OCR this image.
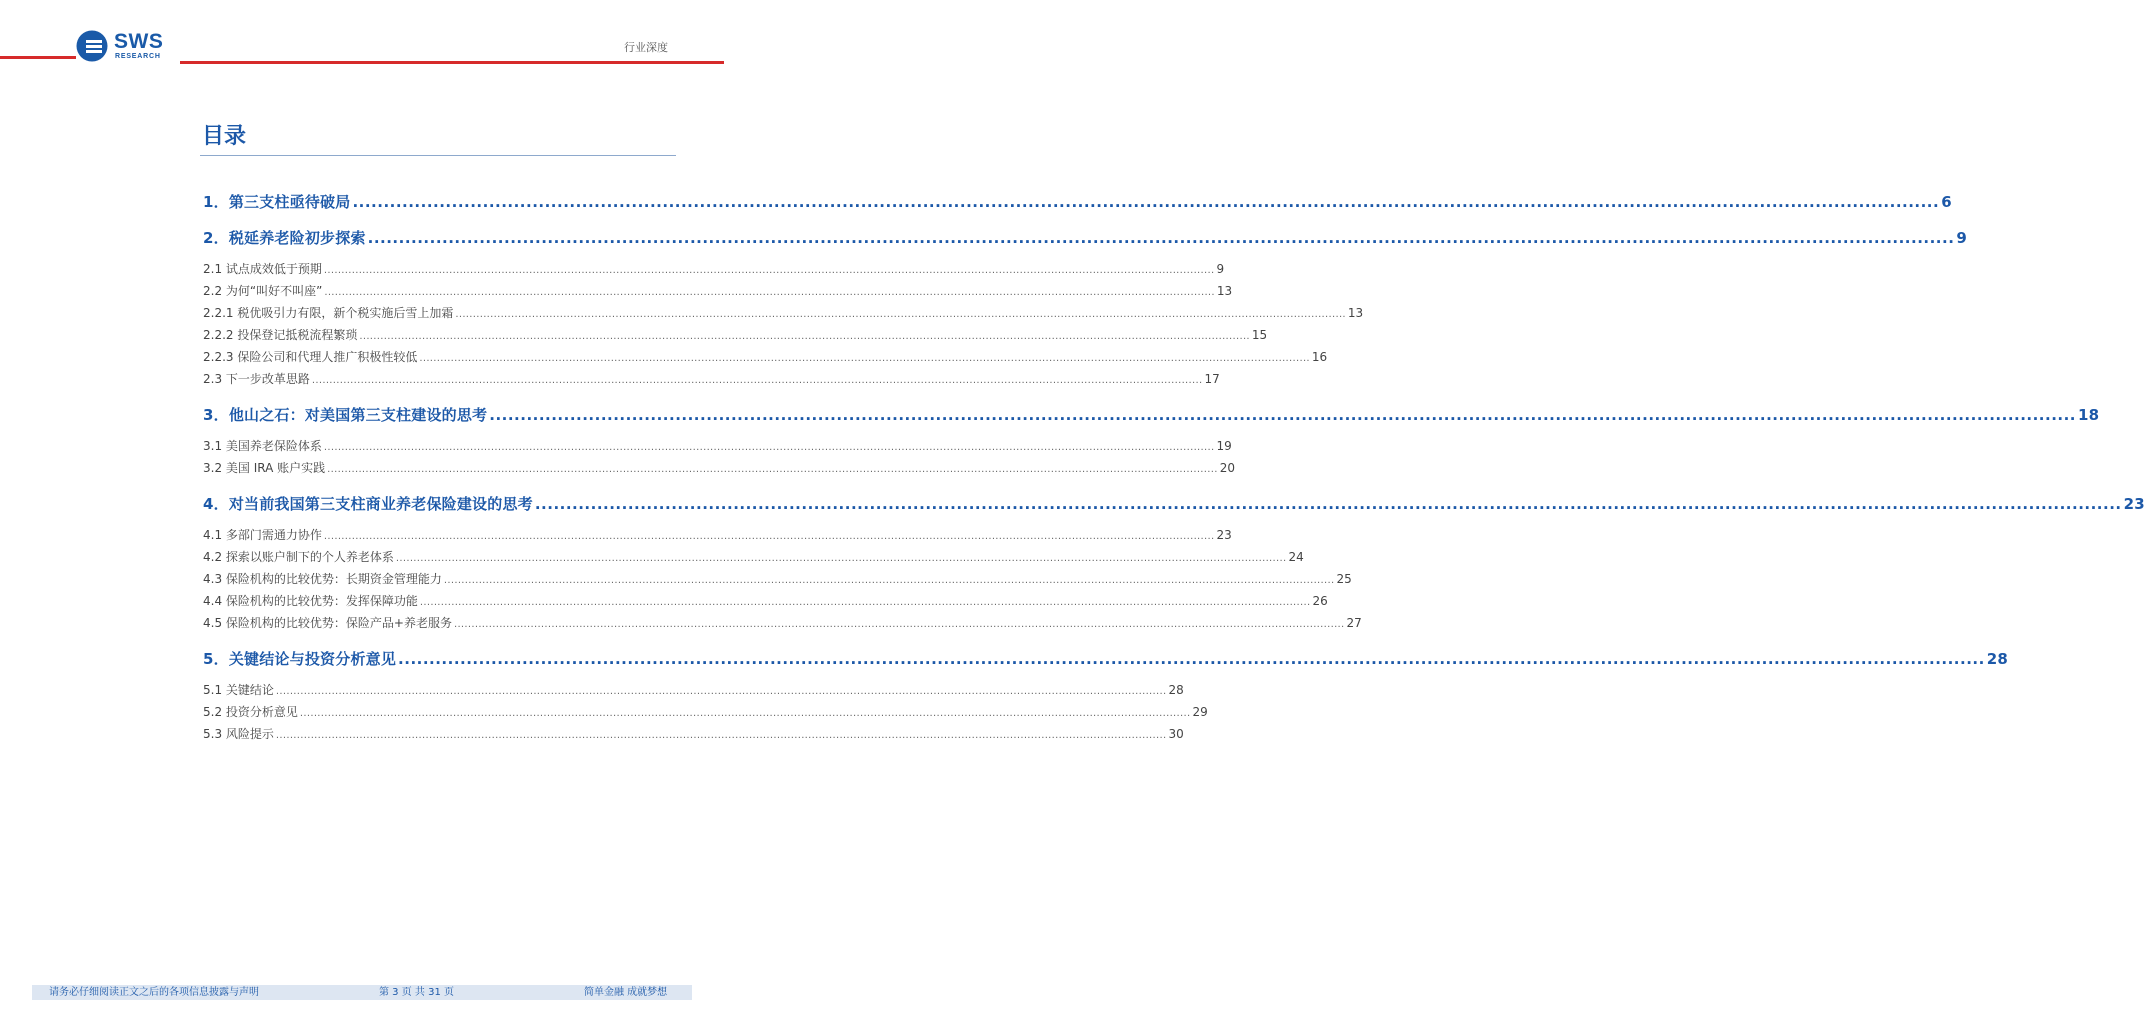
SWS
RESEARCH
行业深度
目录
1．第三支柱亟待破局 ................................................................................................................................................................................................................................................................ 6
2．税延养老险初步探索 ................................................................................................................................................................................................................................................................ 9
2.1 试点成效低于预期 ................................................................................................................................................................................................................................................................ 9
2.2 为何“叫好不叫座” ................................................................................................................................................................................................................................................................ 13
2.2.1 税优吸引力有限，新个税实施后雪上加霜 ................................................................................................................................................................................................................................................................ 13
2.2.2 投保登记抵税流程繁琐 ................................................................................................................................................................................................................................................................ 15
2.2.3 保险公司和代理人推广积极性较低 ................................................................................................................................................................................................................................................................ 16
2.3 下一步改革思路 ................................................................................................................................................................................................................................................................ 17
3．他山之石：对美国第三支柱建设的思考 ................................................................................................................................................................................................................................................................ 18
3.1 美国养老保险体系 ................................................................................................................................................................................................................................................................ 19
3.2 美国 IRA 账户实践 ................................................................................................................................................................................................................................................................ 20
4．对当前我国第三支柱商业养老保险建设的思考 ................................................................................................................................................................................................................................................................ 23
4.1 多部门需通力协作 ................................................................................................................................................................................................................................................................ 23
4.2 探索以账户制下的个人养老体系 ................................................................................................................................................................................................................................................................ 24
4.3 保险机构的比较优势：长期资金管理能力 ................................................................................................................................................................................................................................................................ 25
4.4 保险机构的比较优势：发挥保障功能 ................................................................................................................................................................................................................................................................ 26
4.5 保险机构的比较优势：保险产品+养老服务 ................................................................................................................................................................................................................................................................ 27
5．关键结论与投资分析意见 ................................................................................................................................................................................................................................................................ 28
5.1 关键结论 ................................................................................................................................................................................................................................................................ 28
5.2 投资分析意见 ................................................................................................................................................................................................................................................................ 29
5.3 风险提示 ................................................................................................................................................................................................................................................................ 30
请务必仔细阅读正文之后的各项信息披露与声明	第 3 页 共 31 页	简单金融 成就梦想
